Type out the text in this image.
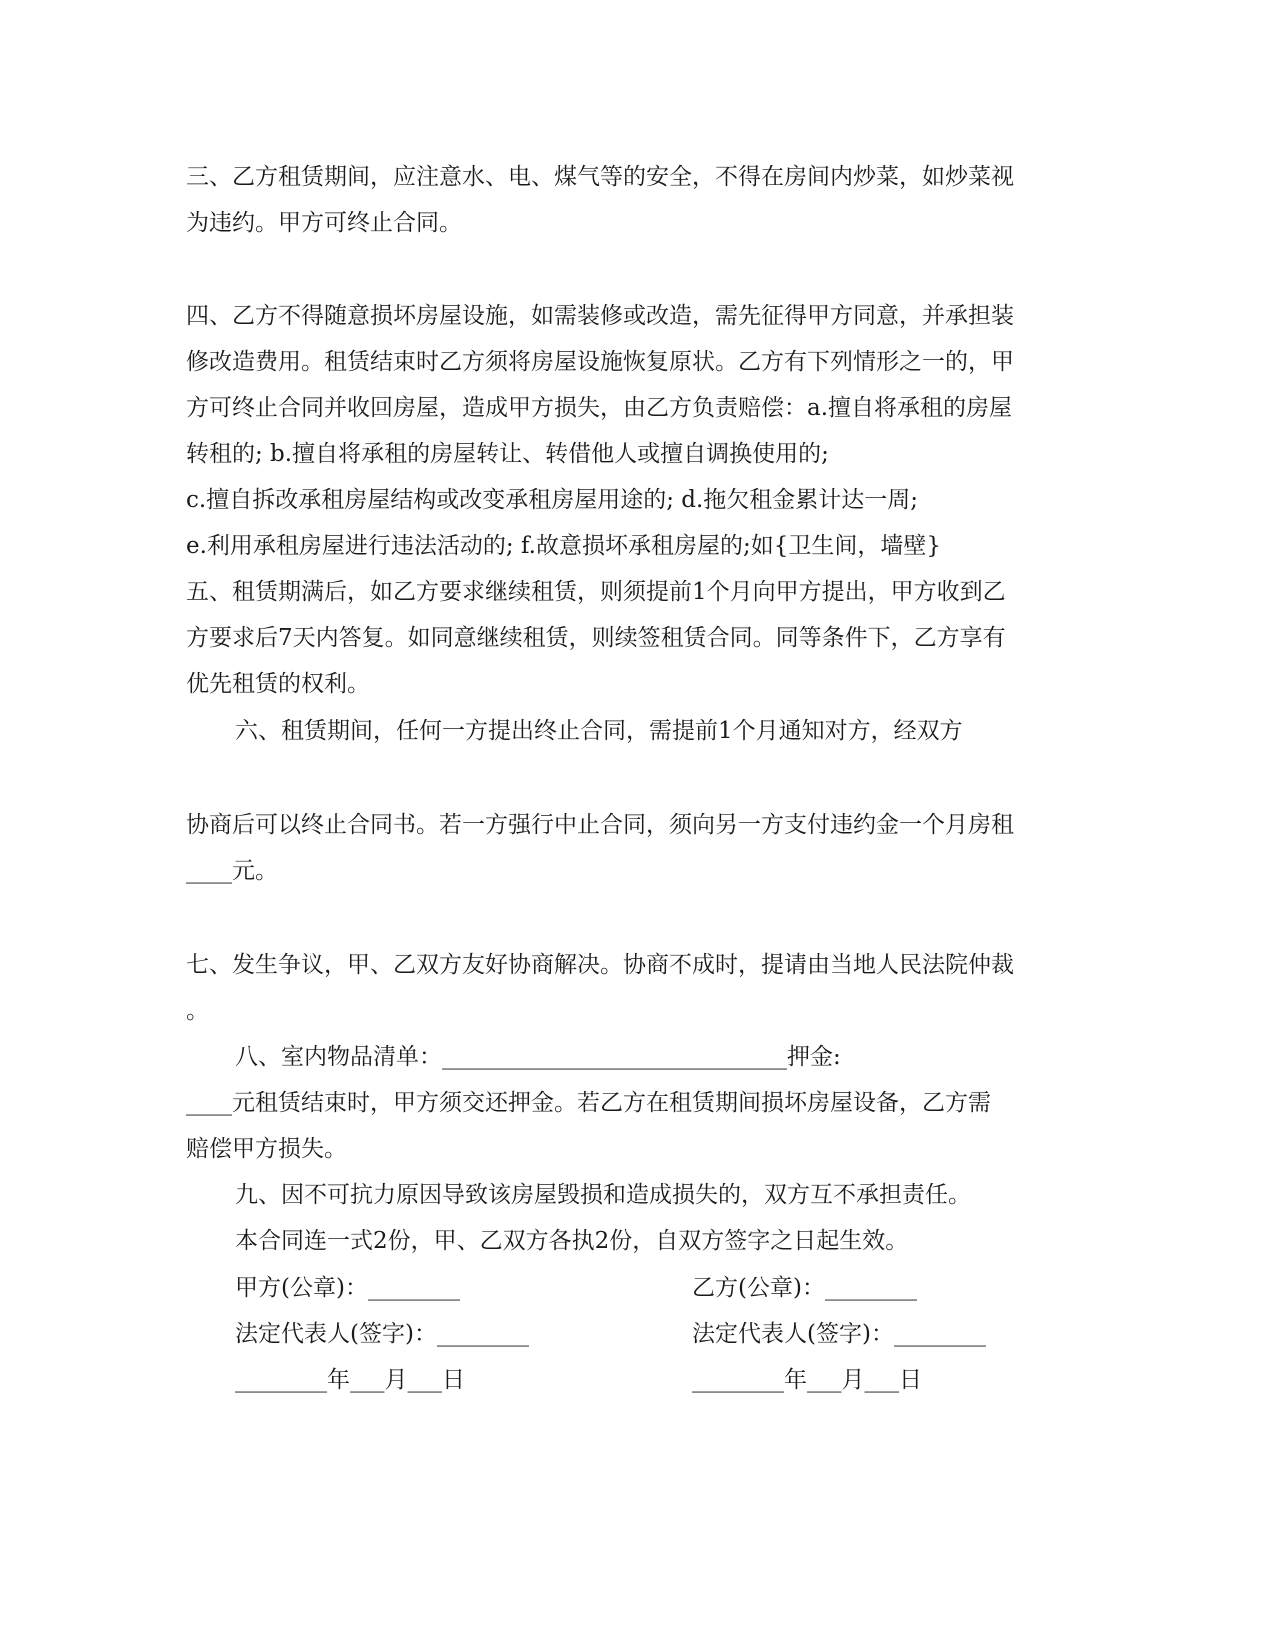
三、乙方租赁期间，应注意水、电、煤气等的安全，不得在房间内炒菜，如炒菜视
为违约。甲方可终止合同。
四、乙方不得随意损坏房屋设施，如需装修或改造，需先征得甲方同意，并承担装
修改造费用。租赁结束时乙方须将房屋设施恢复原状。乙方有下列情形之一的，甲
方可终止合同并收回房屋，造成甲方损失，由乙方负责赔偿：a.擅自将承租的房屋
转租的; b.擅自将承租的房屋转让、转借他人或擅自调换使用的;
c.擅自拆改承租房屋结构或改变承租房屋用途的; d.拖欠租金累计达一周;
e.利用承租房屋进行违法活动的; f.故意损坏承租房屋的;如{卫生间，墙壁}
五、租赁期满后，如乙方要求继续租赁，则须提前1个月向甲方提出，甲方收到乙
方要求后7天内答复。如同意继续租赁，则续签租赁合同。同等条件下，乙方享有
优先租赁的权利。
六、租赁期间，任何一方提出终止合同，需提前1个月通知对方，经双方
协商后可以终止合同书。若一方强行中止合同，须向另一方支付违约金一个月房租
____元。
七、发生争议，甲、乙双方友好协商解决。协商不成时，提请由当地人民法院仲裁
。
八、室内物品清单：______________________________押金:
____元租赁结束时，甲方须交还押金。若乙方在租赁期间损坏房屋设备，乙方需
赔偿甲方损失。
九、因不可抗力原因导致该房屋毁损和造成损失的，双方互不承担责任。
本合同连一式2份，甲、乙双方各执2份，自双方签字之日起生效。
甲方(公章)：________	乙方(公章)：________
法定代表人(签字)：________	法定代表人(签字)：________
________年___月___日	________年___月___日
